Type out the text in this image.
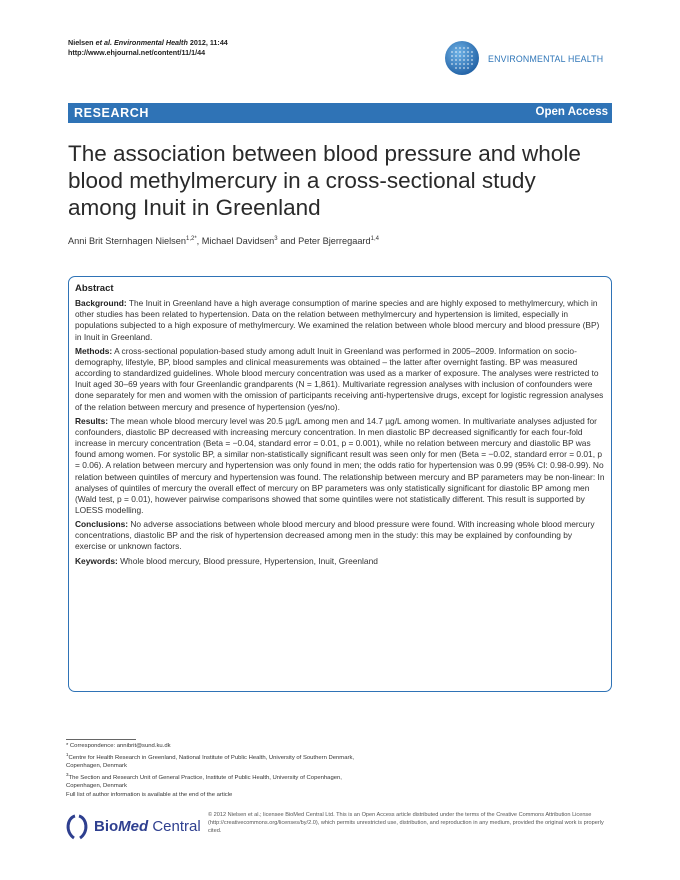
Nielsen et al. Environmental Health 2012, 11:44
http://www.ehjournal.net/content/11/1/44
ENVIRONMENTAL HEALTH
RESEARCH	Open Access
The association between blood pressure and whole blood methylmercury in a cross-sectional study among Inuit in Greenland
Anni Brit Sternhagen Nielsen$^{1,2*}$, Michael Davidsen$^3$ and Peter Bjerregaard$^{1,4}$
Abstract

Background: The Inuit in Greenland have a high average consumption of marine species and are highly exposed to methylmercury, which in other studies has been related to hypertension. Data on the relation between methylmercury and hypertension is limited, especially in populations subjected to a high exposure of methylmercury. We examined the relation between whole blood mercury and blood pressure (BP) in Inuit in Greenland.

Methods: A cross-sectional population-based study among adult Inuit in Greenland was performed in 2005–2009. Information on socio-demography, lifestyle, BP, blood samples and clinical measurements was obtained – the latter after overnight fasting. BP was measured according to standardized guidelines. Whole blood mercury concentration was used as a marker of exposure. The analyses were restricted to Inuit aged 30–69 years with four Greenlandic grandparents (N = 1,861). Multivariate regression analyses with inclusion of confounders were done separately for men and women with the omission of participants receiving anti-hypertensive drugs, except for logistic regression analyses of the relation between mercury and presence of hypertension (yes/no).

Results: The mean whole blood mercury level was 20.5 µg/L among men and 14.7 µg/L among women. In multivariate analyses adjusted for confounders, diastolic BP decreased with increasing mercury concentration. In men diastolic BP decreased significantly for each four-fold increase in mercury concentration (Beta = −0.04, standard error = 0.01, p = 0.001), while no relation between mercury and diastolic BP was found among women. For systolic BP, a similar non-statistically significant result was seen only for men (Beta = −0.02, standard error = 0.01, p = 0.06). A relation between mercury and hypertension was only found in men; the odds ratio for hypertension was 0.99 (95% CI: 0.98-0.99). No relation between quintiles of mercury and hypertension was found. The relationship between mercury and BP parameters may be non-linear: In analyses of quintiles of mercury the overall effect of mercury on BP parameters was only statistically significant for diastolic BP among men (Wald test, p = 0.01), however pairwise comparisons showed that some quintiles were not statistically different. This result is supported by LOESS modelling.

Conclusions: No adverse associations between whole blood mercury and blood pressure were found. With increasing whole blood mercury concentrations, diastolic BP and the risk of hypertension decreased among men in the study: this may be explained by confounding by exercise or unknown factors.

Keywords: Whole blood mercury, Blood pressure, Hypertension, Inuit, Greenland

* Correspondence: annibrit@sund.ku.dk
$^1$Centre for Health Research in Greenland, National Institute of Public Health, University of Southern Denmark, Copenhagen, Denmark
$^3$The Section and Research Unit of General Practice, Institute of Public Health, University of Copenhagen, Copenhagen, Denmark
Full list of author information is available at the end of the article
BioMed Central
© 2012 Nielsen et al.; licensee BioMed Central Ltd. This is an Open Access article distributed under the terms of the Creative Commons Attribution License (http://creativecommons.org/licenses/by/2.0), which permits unrestricted use, distribution, and reproduction in any medium, provided the original work is properly cited.
